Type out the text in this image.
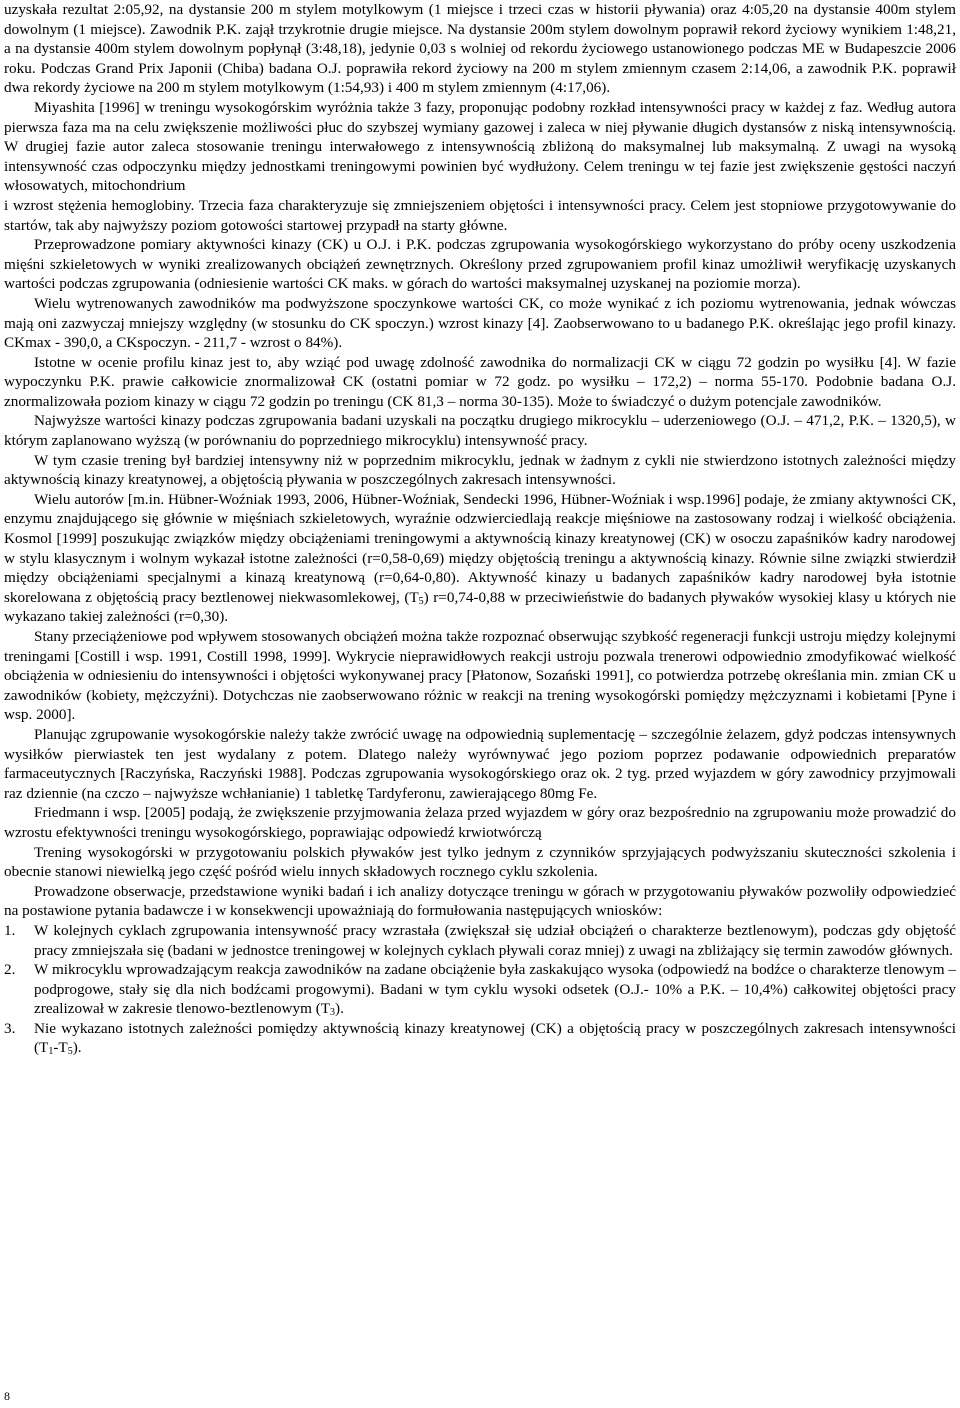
uzyskała rezultat 2:05,92, na dystansie 200 m stylem motylkowym (1 miejsce i trzeci czas w historii pływania) oraz 4:05,20 na dystansie 400m stylem dowolnym (1 miejsce). Zawodnik P.K. zajął trzykrotnie drugie miejsce. Na dystansie 200m stylem dowolnym poprawił rekord życiowy wynikiem 1:48,21, a na dystansie 400m stylem dowolnym popłynął (3:48,18), jedynie 0,03 s wolniej od rekordu życiowego ustanowionego podczas ME w Budapeszcie 2006 roku. Podczas Grand Prix Japonii (Chiba) badana O.J. poprawiła rekord życiowy na 200 m stylem zmiennym czasem 2:14,06, a zawodnik P.K. poprawił dwa rekordy życiowe na 200 m stylem motylkowym (1:54,93) i 400 m stylem zmiennym (4:17,06).

Miyashita [1996] w treningu wysokogórskim wyróżnia także 3 fazy, proponując podobny rozkład intensywności pracy w każdej z faz. Według autora pierwsza faza ma na celu zwiększenie możliwości płuc do szybszej wymiany gazowej i zaleca w niej pływanie długich dystansów z niską intensywnością. W drugiej fazie autor zaleca stosowanie treningu interwałowego z intensywnością zbliżoną do maksymalnej lub maksymalną. Z uwagi na wysoką intensywność czas odpoczynku między jednostkami treningowymi powinien być wydłużony. Celem treningu w tej fazie jest zwiększenie gęstości naczyń włosowatych, mitochondrium

i wzrost stężenia hemoglobiny. Trzecia faza charakteryzuje się zmniejszeniem objętości i intensywności pracy. Celem jest stopniowe przygotowywanie do startów, tak aby najwyższy poziom gotowości startowej przypadł na starty główne.

Przeprowadzone pomiary aktywności kinazy (CK) u O.J. i P.K. podczas zgrupowania wysokogórskiego wykorzystano do próby oceny uszkodzenia mięśni szkieletowych w wyniki zrealizowanych obciążeń zewnętrznych. Określony przed zgrupowaniem profil kinaz umożliwił weryfikację uzyskanych wartości podczas zgrupowania (odniesienie wartości CK maks. w górach do wartości maksymalnej uzyskanej na poziomie morza).

Wielu wytrenowanych zawodników ma podwyższone spoczynkowe wartości CK, co może wynikać z ich poziomu wytrenowania, jednak wówczas mają oni zazwyczaj mniejszy względny (w stosunku do CK spoczyn.) wzrost kinazy [4]. Zaobserwowano to u badanego P.K. określając jego profil kinazy. CKmax - 390,0, a CKspoczyn. - 211,7 - wzrost o 84%).

Istotne w ocenie profilu kinaz jest to, aby wziąć pod uwagę zdolność zawodnika do normalizacji CK w ciągu 72 godzin po wysiłku [4]. W fazie wypoczynku P.K. prawie całkowicie znormalizował CK (ostatni pomiar w 72 godz. po wysiłku – 172,2) – norma 55-170. Podobnie badana O.J. znormalizowała poziom kinazy w ciągu 72 godzin po treningu (CK 81,3 – norma 30-135). Może to świadczyć o dużym potencjale zawodników.

Najwyższe wartości kinazy podczas zgrupowania badani uzyskali na początku drugiego mikrocyklu – uderzeniowego (O.J. – 471,2, P.K. – 1320,5), w którym zaplanowano wyższą (w porównaniu do poprzedniego mikrocyklu) intensywność pracy.

W tym czasie trening był bardziej intensywny niż w poprzednim mikrocyklu, jednak w żadnym z cykli nie stwierdzono istotnych zależności między aktywnością kinazy kreatynowej, a objętością pływania w poszczególnych zakresach intensywności.

Wielu autorów [m.in. Hübner-Woźniak 1993, 2006, Hübner-Woźniak, Sendecki 1996, Hübner-Woźniak i wsp.1996] podaje, że zmiany aktywności CK, enzymu znajdującego się głównie w mięśniach szkieletowych, wyraźnie odzwierciedlają reakcje mięśniowe na zastosowany rodzaj i wielkość obciążenia. Kosmol [1999] poszukując związków między obciążeniami treningowymi a aktywnością kinazy kreatynowej (CK) w osoczu zapaśników kadry narodowej w stylu klasycznym i wolnym wykazał istotne zależności (r=0,58-0,69) między objętością treningu a aktywnością kinazy. Równie silne związki stwierdził między obciążeniami specjalnymi a kinazą kreatynową (r=0,64-0,80). Aktywność kinazy u badanych zapaśników kadry narodowej była istotnie skorelowana z objętością pracy beztlenowej niekwasomlekowej, $(T_5)$ r=0,74-0,88 w przeciwieństwie do badanych pływaków wysokiej klasy u których nie wykazano takiej zależności (r=0,30).

Stany przeciążeniowe pod wpływem stosowanych obciążeń można także rozpoznać obserwując szybkość regeneracji funkcji ustroju między kolejnymi treningami [Costill i wsp. 1991, Costill 1998, 1999]. Wykrycie nieprawidłowych reakcji ustroju pozwala trenerowi odpowiednio zmodyfikować wielkość obciążenia w odniesieniu do intensywności i objętości wykonywanej pracy [Płatonow, Sozański 1991], co potwierdza potrzebę określania min. zmian CK u zawodników (kobiety, mężczyźni). Dotychczas nie zaobserwowano różnic w reakcji na trening wysokogórski pomiędzy mężczyznami i kobietami [Pyne i wsp. 2000].

Planując zgrupowanie wysokogórskie należy także zwrócić uwagę na odpowiednią suplementację – szczególnie żelazem, gdyż podczas intensywnych wysiłków pierwiastek ten jest wydalany z potem. Dlatego należy wyrównywać jego poziom poprzez podawanie odpowiednich preparatów farmaceutycznych [Raczyńska, Raczyński 1988]. Podczas zgrupowania wysokogórskiego oraz ok. 2 tyg. przed wyjazdem w góry zawodnicy przyjmowali raz dziennie (na czczo – najwyższe wchłanianie) 1 tabletkę Tardyferonu, zawierającego 80mg Fe.

Friedmann i wsp. [2005] podają, że zwiększenie przyjmowania żelaza przed wyjazdem w góry oraz bezpośrednio na zgrupowaniu może prowadzić do wzrostu efektywności treningu wysokogórskiego, poprawiając odpowiedź krwiotwórczą

Trening wysokogórski w przygotowaniu polskich pływaków jest tylko jednym z czynników sprzyjających podwyższaniu skuteczności szkolenia i obecnie stanowi niewielką jego część pośród wielu innych składowych rocznego cyklu szkolenia.

Prowadzone obserwacje, przedstawione wyniki badań i ich analizy dotyczące treningu w górach w przygotowaniu pływaków pozwoliły odpowiedzieć na postawione pytania badawcze i w konsekwencji upoważniają do formułowania następujących wniosków:

1. W kolejnych cyklach zgrupowania intensywność pracy wzrastała (zwiększał się udział obciążeń o charakterze beztlenowym), podczas gdy objętość pracy zmniejszała się (badani w jednostce treningowej w kolejnych cyklach pływali coraz mniej) z uwagi na zbliżający się termin zawodów głównych.
2. W mikrocyklu wprowadzającym reakcja zawodników na zadane obciążenie była zaskakująco wysoka (odpowiedź na bodźce o charakterze tlenowym – podprogowe, stały się dla nich bodźcami progowymi). Badani w tym cyklu wysoki odsetek (O.J.- 10% a P.K. – 10,4%) całkowitej objętości pracy zrealizował w zakresie tlenowo-beztlenowym $(T_3)$.
3. Nie wykazano istotnych zależności pomiędzy aktywnością kinazy kreatynowej (CK) a objętością pracy w poszczególnych zakresach intensywności $(T_1-T_5)$.
8
